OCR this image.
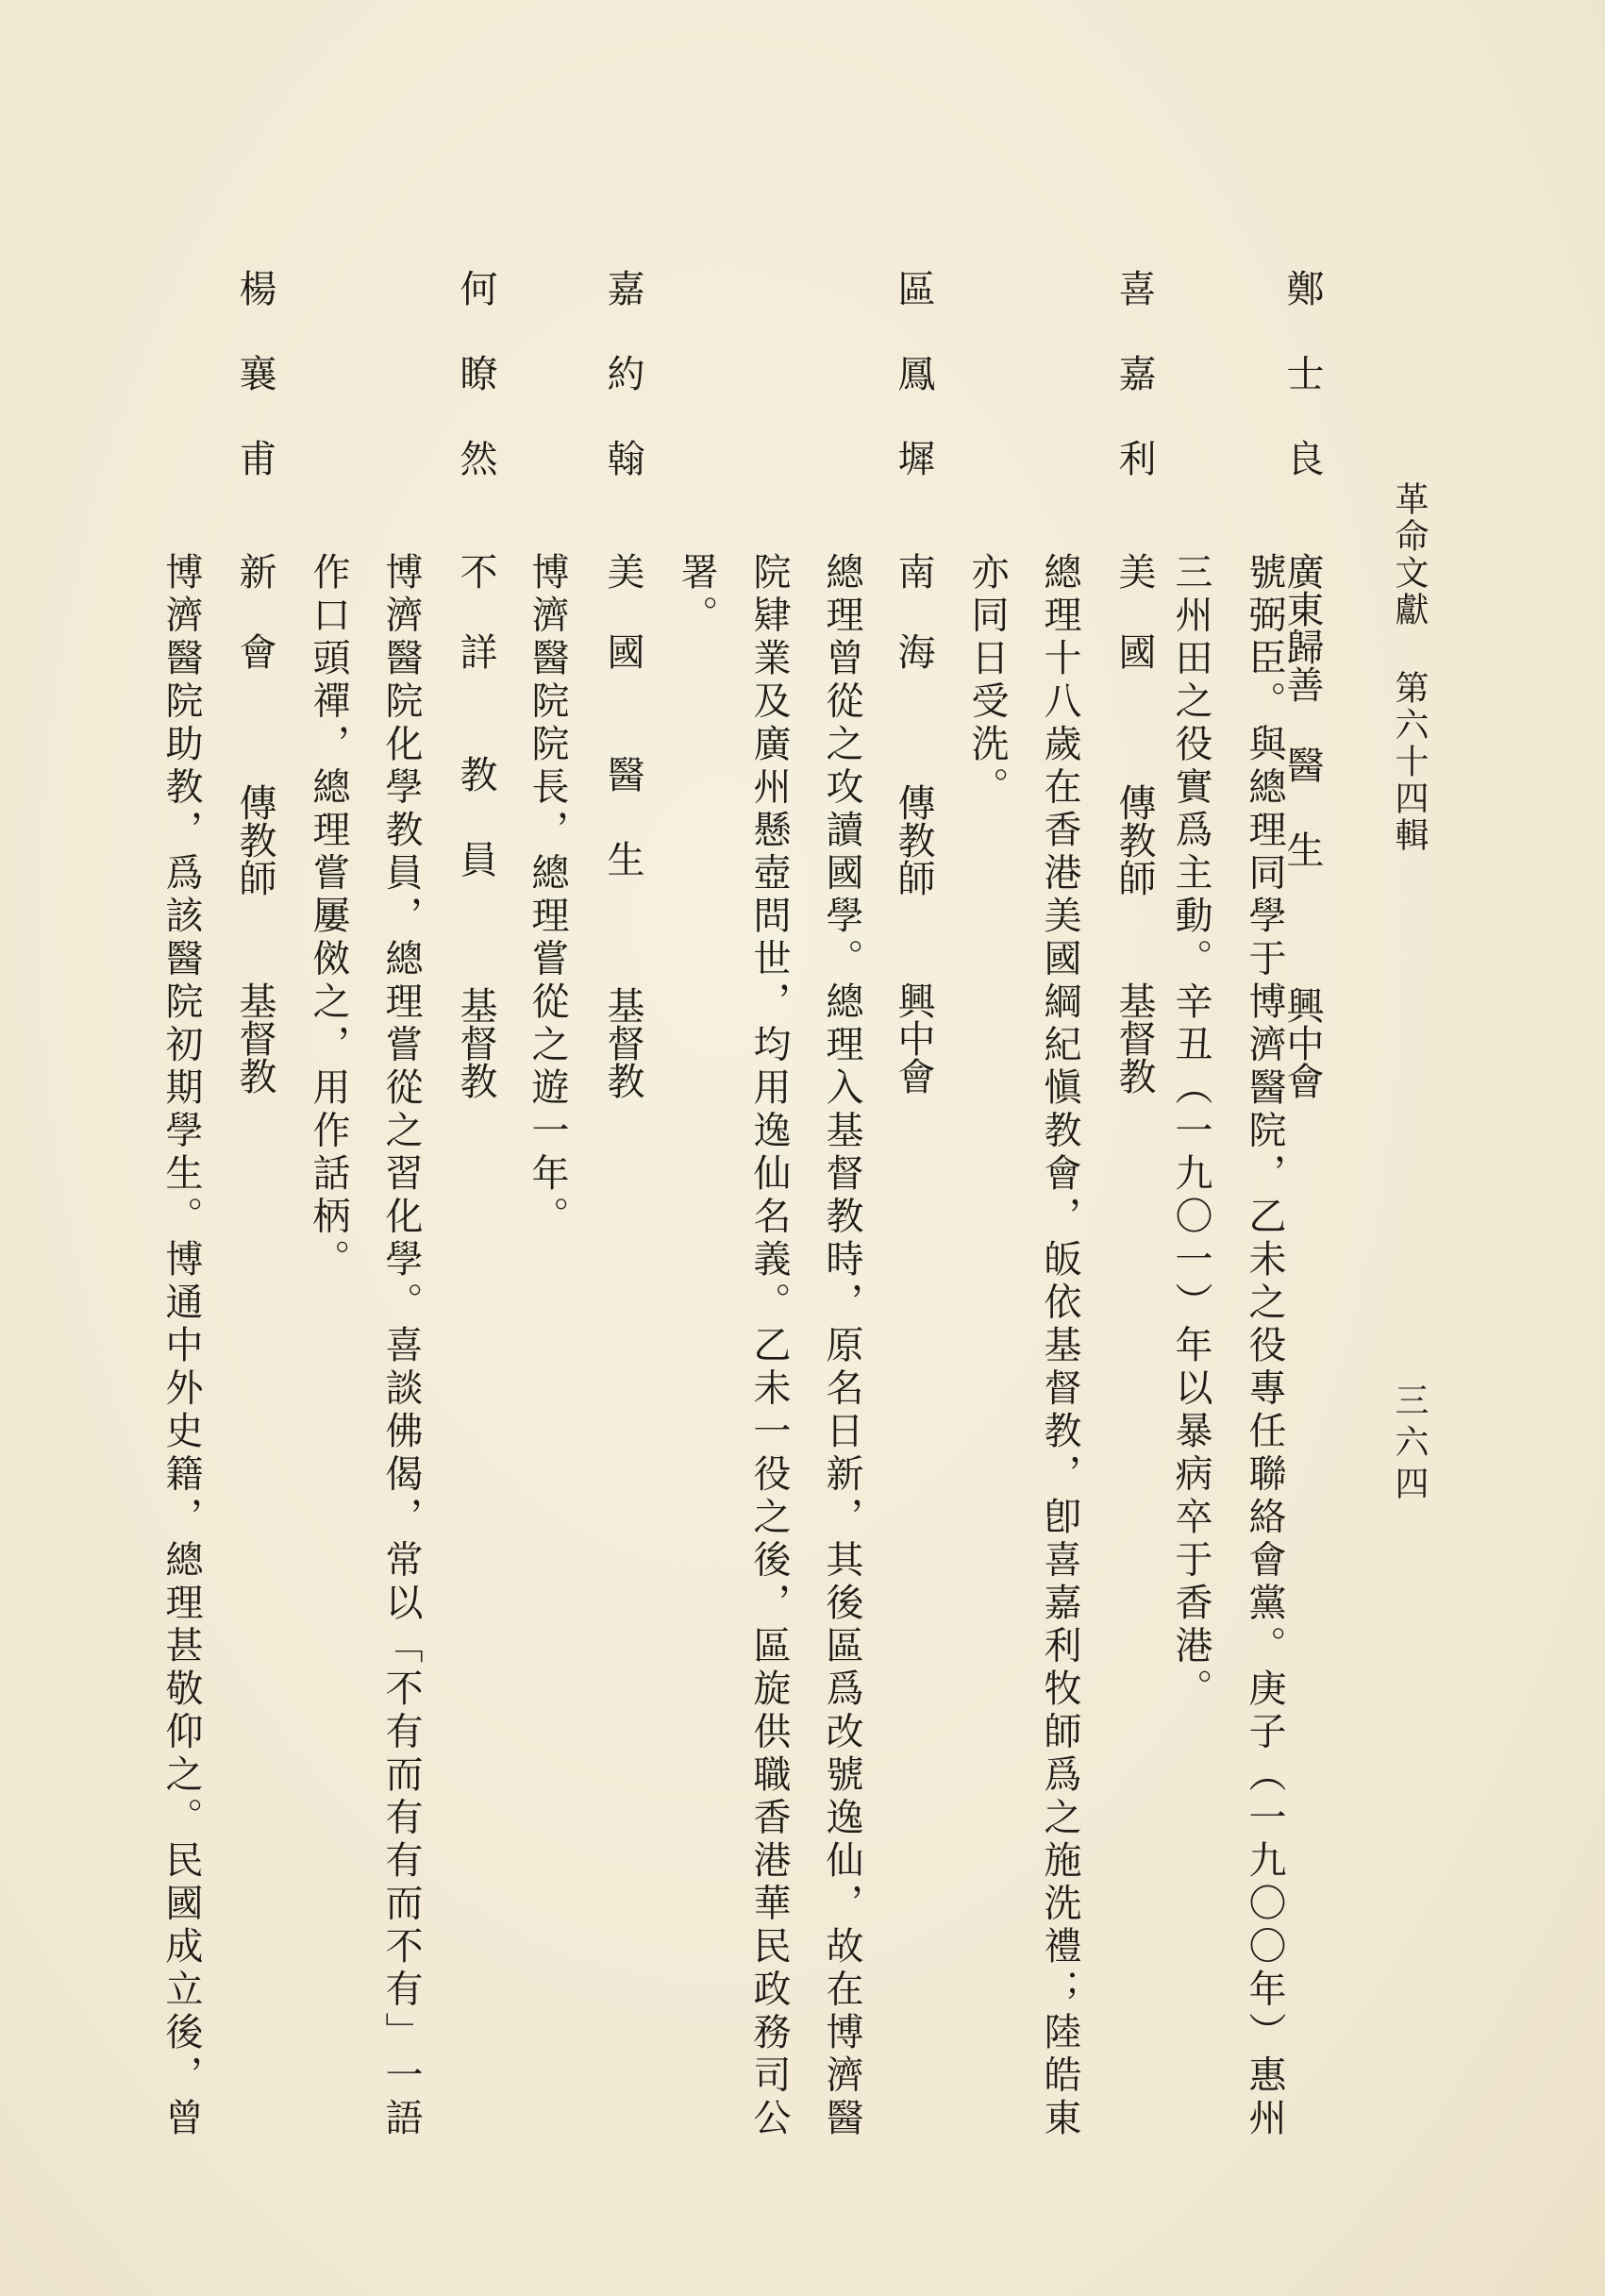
革命文獻 第六十四輯
三六四
鄭士良
廣東歸善
醫生
興中會
號弼臣。與總理同學于博濟醫院，乙未之役專任聯絡會黨。庚子（一九〇〇年）惠州
三州田之役實爲主動。辛丑（一九〇一）年以暴病卒于香港。
喜嘉利
美國
傳教師
基督教
總理十八歲在香港美國綱紀愼教會，皈依基督教，卽喜嘉利牧師爲之施洗禮；陸皓東
亦同日受洗。
區鳳墀
南海
傳教師
興中會
總理曾從之攻讀國學。總理入基督教時，原名日新，其後區爲改號逸仙，故在博濟醫
院肄業及廣州懸壺問世，均用逸仙名義。乙未一役之後，區旋供職香港華民政務司公
署。
嘉約翰
美國
醫生
基督教
博濟醫院院長，總理嘗從之遊一年。
何瞭然
不詳
教員
基督教
博濟醫院化學教員，總理嘗從之習化學。喜談佛偈，常以「不有而有有而不有」一語
作口頭禪，總理嘗屢傚之，用作話柄。
楊襄甫
新會
傳教師
基督教
博濟醫院助教，爲該醫院初期學生。博通中外史籍，總理甚敬仰之。民國成立後，曾
